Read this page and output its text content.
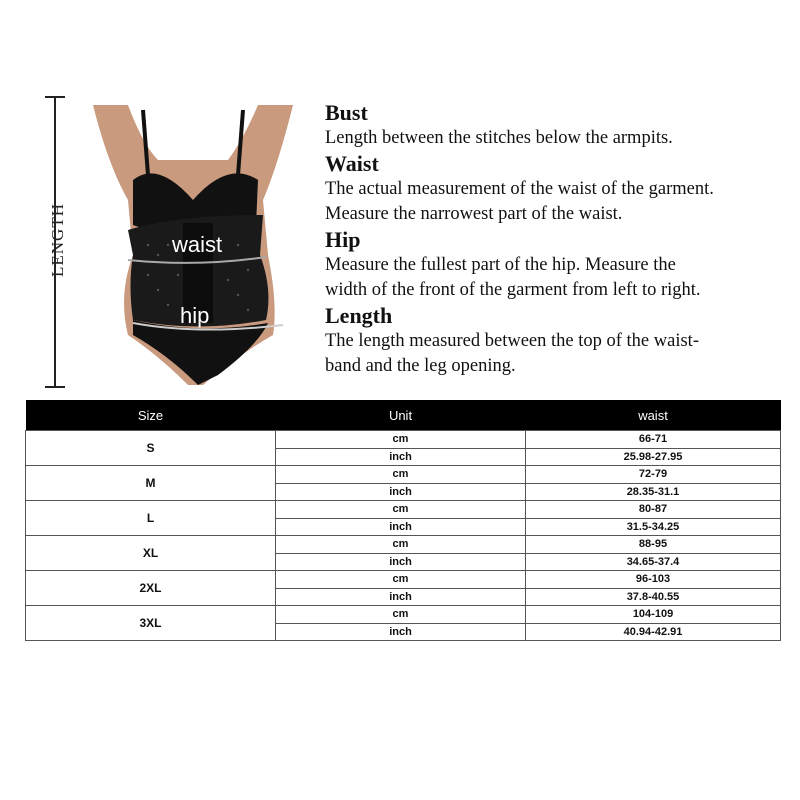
LENGTH	waist
hip
Bust

Length between the stitches below the armpits.

Waist

The actual measurement of the waist of the garment.

Measure the narrowest part of the waist.

Hip

Measure the fullest part of the hip. Measure the

width of the front of the garment from left to right.

Length

The length measured between the top of the waist-

band and the leg opening.

Size	Unit	waist
S	cm	66-71
	inch	25.98-27.95
M	cm	72-79
	inch	28.35-31.1
L	cm	80-87
	inch	31.5-34.25
XL	cm	88-95
	inch	34.65-37.4
2XL	cm	96-103
	inch	37.8-40.55
3XL	cm	104-109
	inch	40.94-42.91
